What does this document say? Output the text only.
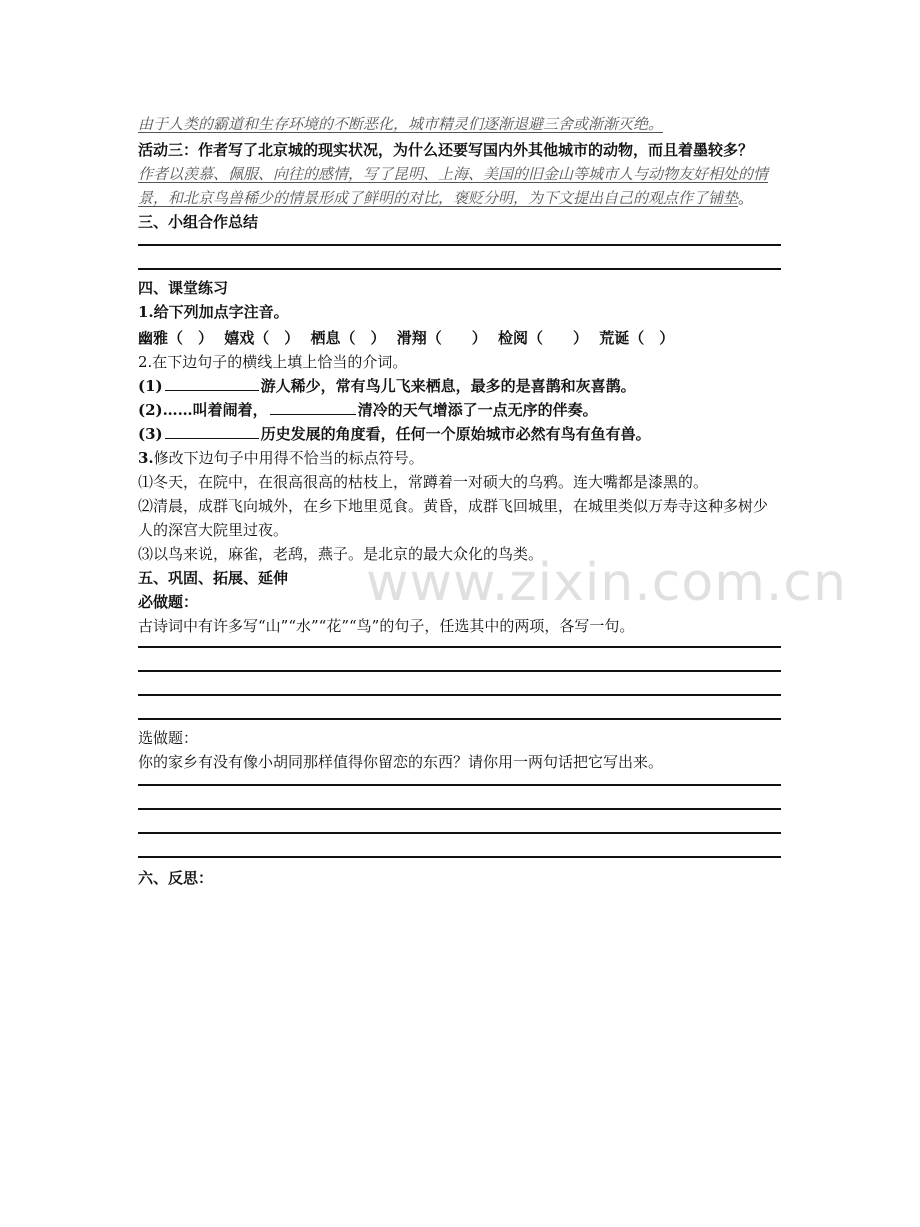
由于人类的霸道和生存环境的不断恶化，城市精灵们逐渐退避三舍或渐渐灭绝。

活动三：作者写了北京城的现实状况，为什么还要写国内外其他城市的动物，而且着墨较多？

作者以羡慕、佩服、向往的感情，写了昆明、上海、美国的旧金山等城市人与动物友好相处的情景，和北京鸟兽稀少的情景形成了鲜明的对比，褒贬分明，为下文提出自己的观点作了铺垫。

三、小组合作总结

四、课堂练习

1.给下列加点字注音。

幽雅（　） 嬉戏（　） 栖息（　） 滑翔（　　） 检阅（　　） 荒诞（　）

2.在下边句子的横线上填上恰当的介词。

(1)	游人稀少，常有鸟儿飞来栖息，最多的是喜鹊和灰喜鹊。

(2)……叫着闹着，	清冷的天气增添了一点无序的伴奏。

(3)	历史发展的角度看，任何一个原始城市必然有鸟有鱼有兽。

3.修改下边句子中用得不恰当的标点符号。

⑴冬天，在院中，在很高很高的枯枝上，常蹲着一对硕大的乌鸦。连大嘴都是漆黑的。

⑵清晨，成群飞向城外，在乡下地里觅食。黄昏，成群飞回城里，在城里类似万寿寺这种多树少人的深宫大院里过夜。

⑶以鸟来说，麻雀，老鸹，燕子。是北京的最大众化的鸟类。

五、巩固、拓展、延伸

必做题：

古诗词中有许多写“山”“水”“花”“鸟”的句子，任选其中的两项，各写一句。

选做题：

你的家乡有没有像小胡同那样值得你留恋的东西？请你用一两句话把它写出来。

六、反思：

www.zixin.com.cn
